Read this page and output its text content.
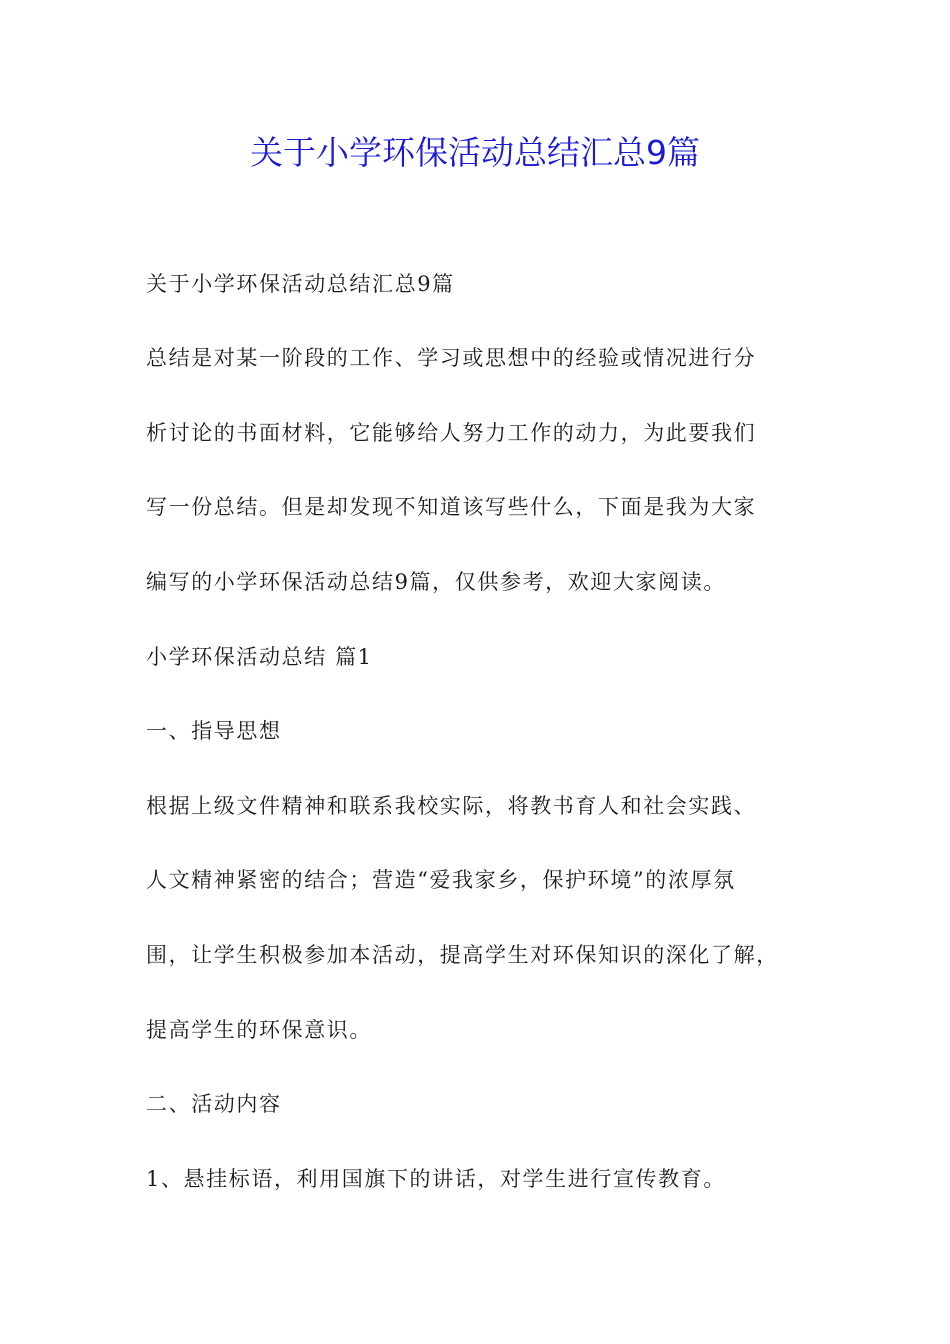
关于小学环保活动总结汇总9篇

关于小学环保活动总结汇总9篇

总结是对某一阶段的工作、学习或思想中的经验或情况进行分

析讨论的书面材料，它能够给人努力工作的动力，为此要我们

写一份总结。但是却发现不知道该写些什么，下面是我为大家

编写的小学环保活动总结9篇，仅供参考，欢迎大家阅读。

小学环保活动总结 篇1

一、指导思想

根据上级文件精神和联系我校实际，将教书育人和社会实践、

人文精神紧密的结合；营造“爱我家乡，保护环境”的浓厚氛

围，让学生积极参加本活动，提高学生对环保知识的深化了解，

提高学生的环保意识。

二、活动内容

1、悬挂标语，利用国旗下的讲话，对学生进行宣传教育。
